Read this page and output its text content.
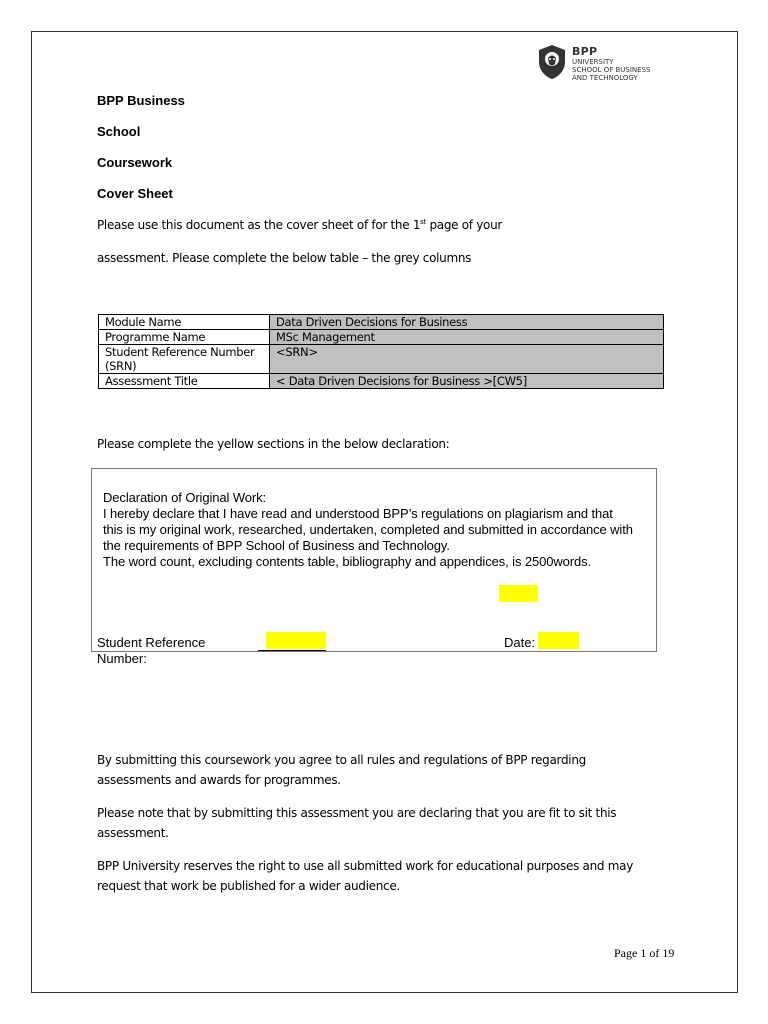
BPP
UNIVERSITY
SCHOOL OF BUSINESS
AND TECHNOLOGY
BPP Business
School
Coursework
Cover Sheet
Please use this document as the cover sheet of for the 1st page of your
assessment. Please complete the below table – the grey columns
Module Name	Data Driven Decisions for Business
Programme Name	MSc Management
Student Reference Number (SRN)	<SRN>
Assessment Title	< Data Driven Decisions for Business >[CW5]
Please complete the yellow sections in the below declaration:
Declaration of Original Work:
I hereby declare that I have read and understood BPP’s regulations on plagiarism and that
this is my original work, researched, undertaken, completed and submitted in accordance with
the requirements of BPP School of Business and Technology.
The word count, excluding contents table, bibliography and appendices, is 2500words.
Student Reference
Number:
Date:
By submitting this coursework you agree to all rules and regulations of BPP regarding
assessments and awards for programmes.
Please note that by submitting this assessment you are declaring that you are fit to sit this
assessment.
BPP University reserves the right to use all submitted work for educational purposes and may
request that work be published for a wider audience.
Page 1 of 19
